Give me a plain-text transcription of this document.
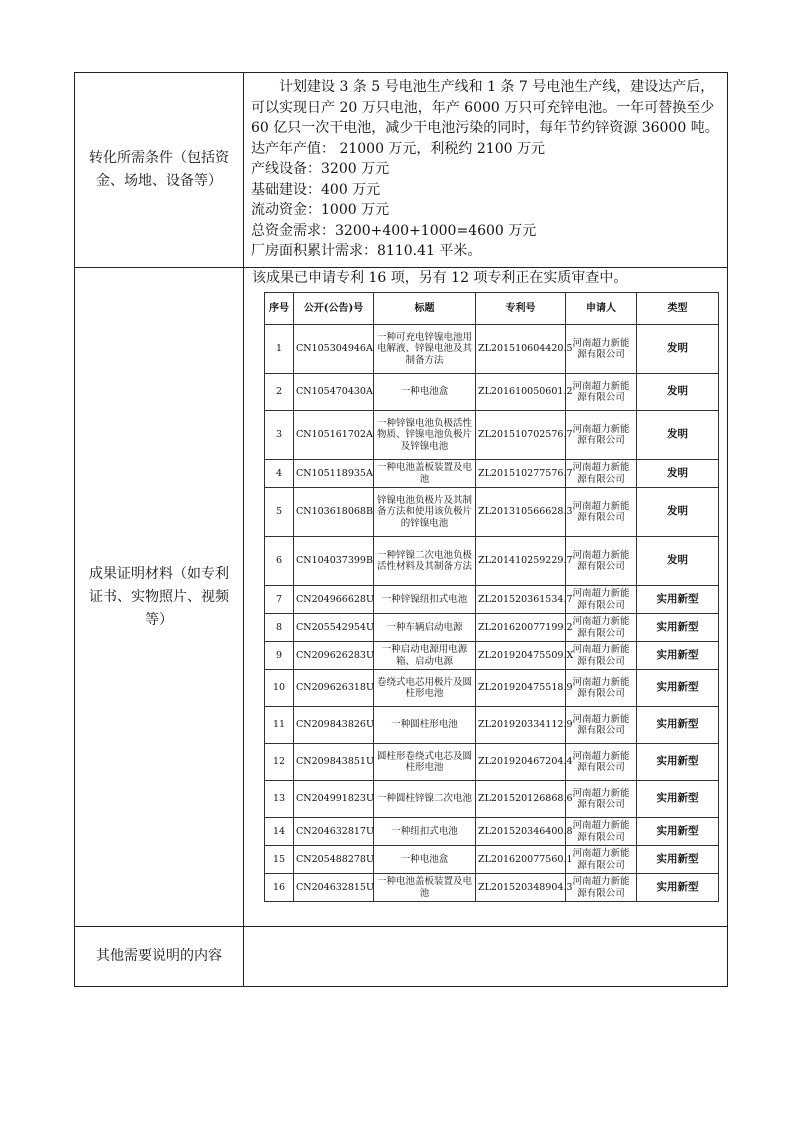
转化所需条件（包括资金、场地、设备等）	

计划建设 3 条 5 号电池生产线和 1 条 7 号电池生产线，建设达产后，可以实现日产 20 万只电池，年产 6000 万只可充锌电池。一年可替换至少 60 亿只一次干电池，减少干电池污染的同时，每年节约锌资源 36000 吨。

达产年产值： 21000 万元，利税约 2100 万元

产线设备：3200 万元

基础建设：400 万元

流动资金：1000 万元

总资金需求：3200+400+1000=4600 万元

厂房面积累计需求：8110.41 平米。

成果证明材料（如专利证书、实物照片、视频等）	

该成果已申请专利 16 项，另有 12 项专利正在实质审查中。

序号	公开(公告)号	标题	专利号	申请人	类型
1	CN105304946A	一种可充电锌镍电池用电解液、锌镍电池及其制备方法	ZL201510604420.5	河南超力新能源有限公司	发明
2	CN105470430A	一种电池盒	ZL201610050601.2	河南超力新能源有限公司	发明
3	CN105161702A	一种锌镍电池负极活性物质、锌镍电池负极片及锌镍电池	ZL201510702576.7	河南超力新能源有限公司	发明
4	CN105118935A	一种电池盖板装置及电池	ZL201510277576.7	河南超力新能源有限公司	发明
5	CN103618068B	锌镍电池负极片及其制备方法和使用该负极片的锌镍电池	ZL201310566628.3	河南超力新能源有限公司	发明
6	CN104037399B	一种锌镍二次电池负极活性材料及其制备方法	ZL201410259229.7	河南超力新能源有限公司	发明
7	CN204966628U	一种锌镍纽扣式电池	ZL201520361534.7	河南超力新能源有限公司	实用新型
8	CN205542954U	一种车辆启动电源	ZL201620077199.2	河南超力新能源有限公司	实用新型
9	CN209626283U	一种启动电源用电源箱、启动电源	ZL201920475509.X	河南超力新能源有限公司	实用新型
10	CN209626318U	卷绕式电芯用极片及圆柱形电池	ZL201920475518.9	河南超力新能源有限公司	实用新型
11	CN209843826U	一种圆柱形电池	ZL201920334112.9	河南超力新能源有限公司	实用新型
12	CN209843851U	圆柱形卷绕式电芯及圆柱形电池	ZL201920467204.4	河南超力新能源有限公司	实用新型
13	CN204991823U	一种圆柱锌镍二次电池	ZL201520126868.6	河南超力新能源有限公司	实用新型
14	CN204632817U	一种纽扣式电池	ZL201520346400.8	河南超力新能源有限公司	实用新型
15	CN205488278U	一种电池盒	ZL201620077560.1	河南超力新能源有限公司	实用新型
16	CN204632815U	一种电池盖板装置及电池	ZL201520348904.3	河南超力新能源有限公司	实用新型

其他需要说明的内容	
